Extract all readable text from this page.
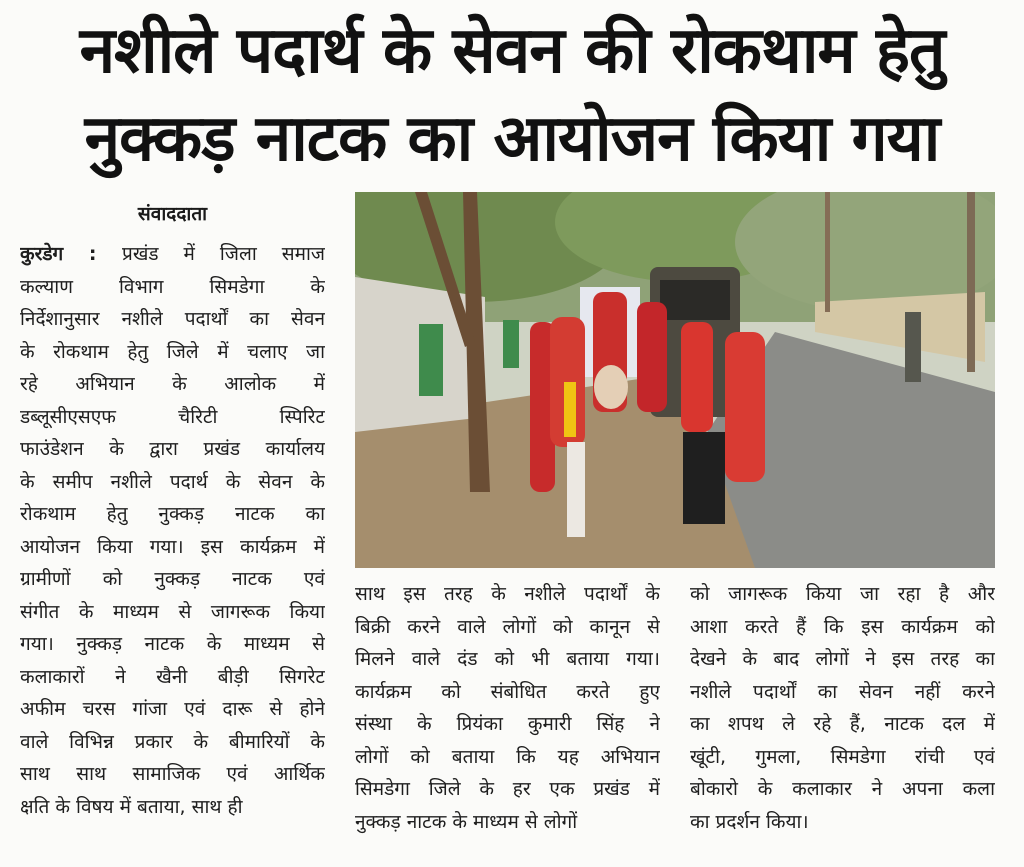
नशीले पदार्थ के सेवन की रोकथाम हेतु
नुक्कड़ नाटक का आयोजन किया गया
संवाददाता
कुरडेग : प्रखंड में जिला समाज
कल्याण विभाग सिमडेगा के
निर्देशानुसार नशीले पदार्थों का सेवन
के रोकथाम हेतु जिले में चलाए जा
रहे अभियान के आलोक में
डब्लूसीएसएफ चैरिटी स्पिरिट
फाउंडेशन के द्वारा प्रखंड कार्यालय
के समीप नशीले पदार्थ के सेवन के
रोकथाम हेतु नुक्कड़ नाटक का
आयोजन किया गया। इस कार्यक्रम में
ग्रामीणों को नुक्कड़ नाटक एवं
संगीत के माध्यम से जागरूक किया
गया। नुक्कड़ नाटक के माध्यम से
कलाकारों ने खैनी बीड़ी सिगरेट
अफीम चरस गांजा एवं दारू से होने
वाले विभिन्न प्रकार के बीमारियों के
साथ साथ सामाजिक एवं आर्थिक
क्षति के विषय में बताया, साथ ही
साथ इस तरह के नशीले पदार्थों के
बिक्री करने वाले लोगों को कानून से
मिलने वाले दंड को भी बताया गया।
कार्यक्रम को संबोधित करते हुए
संस्था के प्रियंका कुमारी सिंह ने
लोगों को बताया कि यह अभियान
सिमडेगा जिले के हर एक प्रखंड में
नुक्कड़ नाटक के माध्यम से लोगों
को जागरूक किया जा रहा है और
आशा करते हैं कि इस कार्यक्रम को
देखने के बाद लोगों ने इस तरह का
नशीले पदार्थों का सेवन नहीं करने
का शपथ ले रहे हैं, नाटक दल में
खूंटी, गुमला, सिमडेगा रांची एवं
बोकारो के कलाकार ने अपना कला
का प्रदर्शन किया।
